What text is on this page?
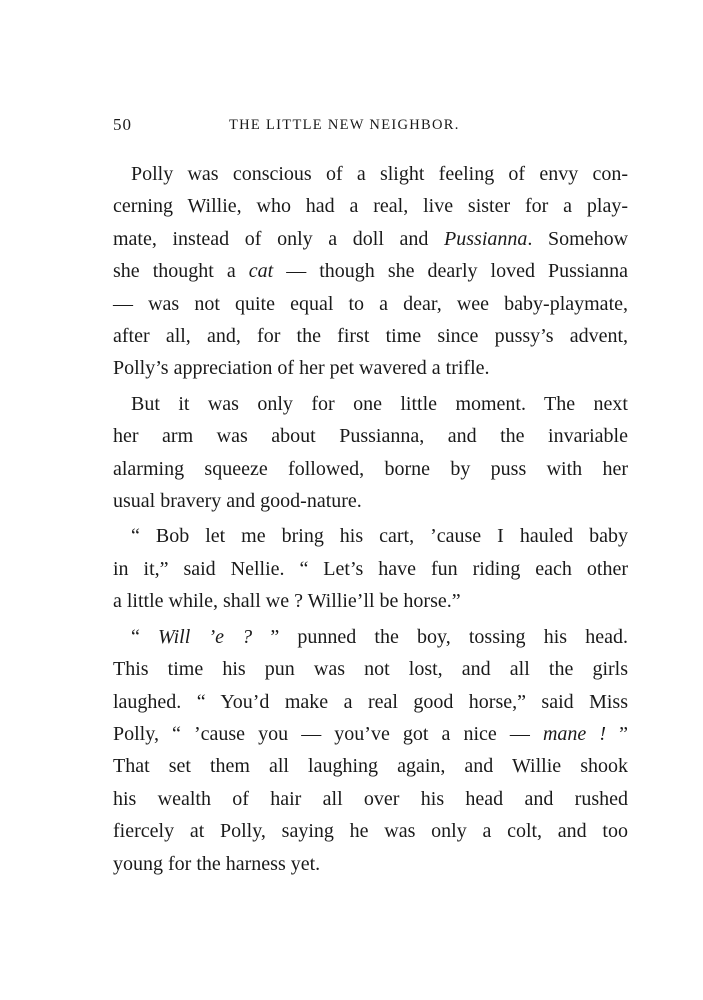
50	THE LITTLE NEW NEIGHBOR.
Polly was conscious of a slight feeling of envy con-
cerning Willie, who had a real, live sister for a play-
mate, instead of only a doll and Pussianna. Somehow
she thought a cat — though she dearly loved Pussianna
— was not quite equal to a dear, wee baby-playmate,
after all, and, for the first time since pussy’s advent,
Polly’s appreciation of her pet wavered a trifle.
But it was only for one little moment. The next
her arm was about Pussianna, and the invariable
alarming squeeze followed, borne by puss with her
usual bravery and good-nature.
“ Bob let me bring his cart, ’cause I hauled baby
in it,” said Nellie. “ Let’s have fun riding each other
a little while, shall we ? Willie’ll be horse.”
“ Will ’e ? ” punned the boy, tossing his head.
This time his pun was not lost, and all the girls
laughed. “ You’d make a real good horse,” said Miss
Polly, “ ’cause you — you’ve got a nice — mane ! ”
That set them all laughing again, and Willie shook
his wealth of hair all over his head and rushed
fiercely at Polly, saying he was only a colt, and too
young for the harness yet.
